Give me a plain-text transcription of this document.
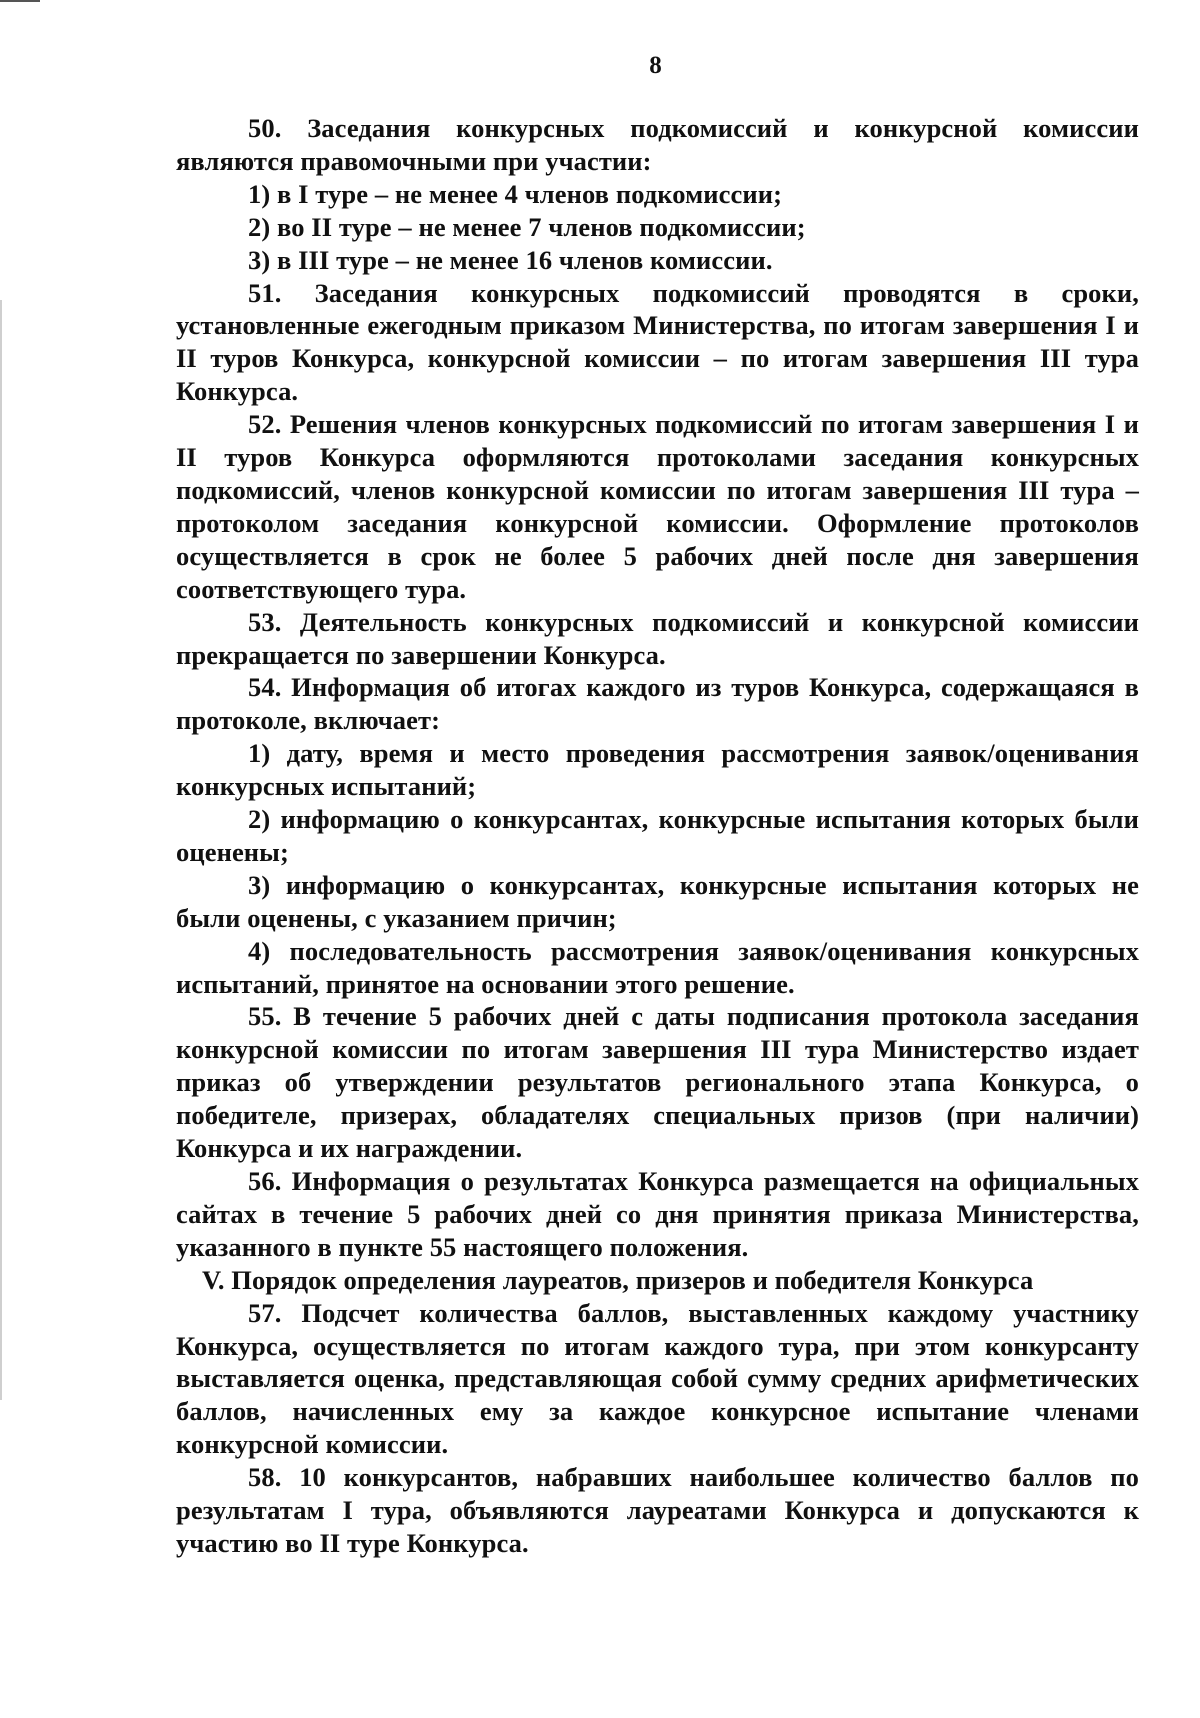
8

50. Заседания конкурсных подкомиссий и конкурсной комиссии являются правомочными при участии:

1) в I туре – не менее 4 членов подкомиссии;

2) во II туре – не менее 7 членов подкомиссии;

3) в III туре – не менее 16 членов комиссии.

51. Заседания конкурсных подкомиссий проводятся в сроки, установленные ежегодным приказом Министерства, по итогам завершения I и II туров Конкурса, конкурсной комиссии – по итогам завершения III тура Конкурса.

52. Решения членов конкурсных подкомиссий по итогам завершения I и II туров Конкурса оформляются протоколами заседания конкурсных подкомиссий, членов конкурсной комиссии по итогам завершения III тура – протоколом заседания конкурсной комиссии. Оформление протоколов осуществляется в срок не более 5 рабочих дней после дня завершения соответствующего тура.

53. Деятельность конкурсных подкомиссий и конкурсной комиссии прекращается по завершении Конкурса.

54. Информация об итогах каждого из туров Конкурса, содержащаяся в протоколе, включает:

1) дату, время и место проведения рассмотрения заявок/оценивания конкурсных испытаний;

2) информацию о конкурсантах, конкурсные испытания которых были оценены;

3) информацию о конкурсантах, конкурсные испытания которых не были оценены, с указанием причин;

4) последовательность рассмотрения заявок/оценивания конкурсных испытаний, принятое на основании этого решение.

55. В течение 5 рабочих дней с даты подписания протокола заседания конкурсной комиссии по итогам завершения III тура Министерство издает приказ об утверждении результатов регионального этапа Конкурса, о победителе, призерах, обладателях специальных призов (при наличии) Конкурса и их награждении.

56. Информация о результатах Конкурса размещается на официальных сайтах в течение 5 рабочих дней со дня принятия приказа Министерства, указанного в пункте 55 настоящего положения.

V. Порядок определения лауреатов, призеров и победителя Конкурса

57. Подсчет количества баллов, выставленных каждому участнику Конкурса, осуществляется по итогам каждого тура, при этом конкурсанту выставляется оценка, представляющая собой сумму средних арифметических баллов, начисленных ему за каждое конкурсное испытание членами конкурсной комиссии.

58. 10 конкурсантов, набравших наибольшее количество баллов по результатам I тура, объявляются лауреатами Конкурса и допускаются к участию во II туре Конкурса.
